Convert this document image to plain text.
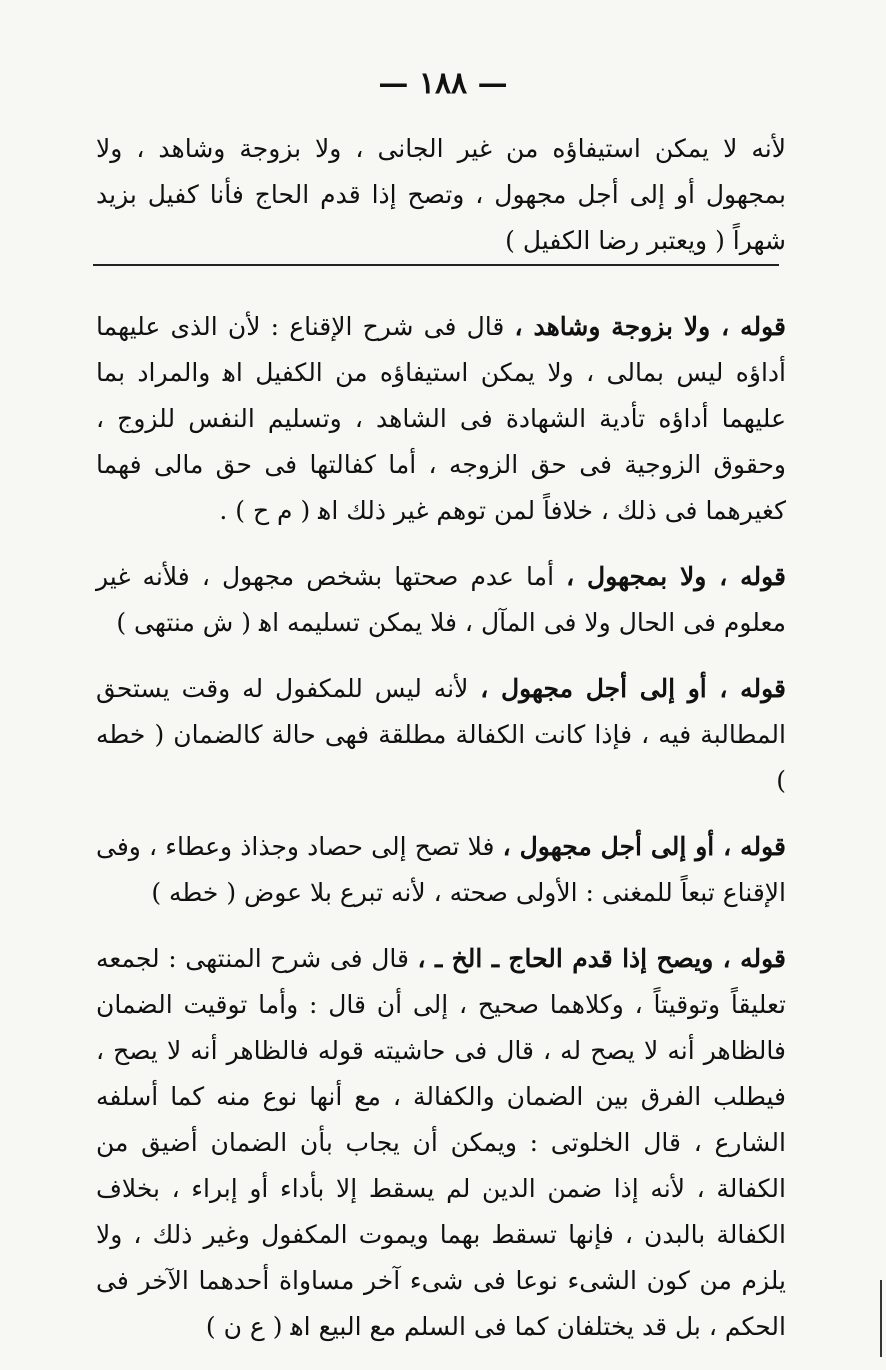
— ١٨٨ —
لأنه لا يمكن استيفاؤه من غير الجانى ، ولا بزوجة وشاهد ، ولا بمجهول أو إلى أجل مجهول ، وتصح إذا قدم الحاج فأنا كفيل بزيد شهراً ( ويعتبر رضا الكفيل )

قوله ، ولا بزوجة وشاهد ، قال فى شرح الإقناع : لأن الذى عليهما أداؤه ليس بمالى ، ولا يمكن استيفاؤه من الكفيل اﻫ والمراد بما عليهما أداؤه تأدية الشهادة فى الشاهد ، وتسليم النفس للزوج ، وحقوق الزوجية فى حق الزوجه ، أما كفالتها فى حق مالى فهما كغيرهما فى ذلك ، خلافاً لمن توهم غير ذلك اﻫ ( م ح ) .

قوله ، ولا بمجهول ، أما عدم صحتها بشخص مجهول ، فلأنه غير معلوم فى الحال ولا فى المآل ، فلا يمكن تسليمه اﻫ ( ش منتهى )

قوله ، أو إلى أجل مجهول ، لأنه ليس للمكفول له وقت يستحق المطالبة فيه ، فإذا كانت الكفالة مطلقة فهى حالة كالضمان ( خطه )

قوله ، أو إلى أجل مجهول ، فلا تصح إلى حصاد وجذاذ وعطاء ، وفى الإقناع تبعاً للمغنى : الأولى صحته ، لأنه تبرع بلا عوض ( خطه )

قوله ، ويصح إذا قدم الحاج ـ الخ ـ ، قال فى شرح المنتهى : لجمعه تعليقاً وتوقيتاً ، وكلاهما صحيح ، إلى أن قال : وأما توقيت الضمان فالظاهر أنه لا يصح له ، قال فى حاشيته قوله فالظاهر أنه لا يصح ، فيطلب الفرق بين الضمان والكفالة ، مع أنها نوع منه كما أسلفه الشارع ، قال الخلوتى : ويمكن أن يجاب بأن الضمان أضيق من الكفالة ، لأنه إذا ضمن الدين لم يسقط إلا بأداء أو إبراء ، بخلاف الكفالة بالبدن ، فإنها تسقط بهما ويموت المكفول وغير ذلك ، ولا يلزم من كون الشىء نوعا فى شىء آخر مساواة أحدهما الآخر فى الحكم ، بل قد يختلفان كما فى السلم مع البيع اﻫ ( ع ن )
